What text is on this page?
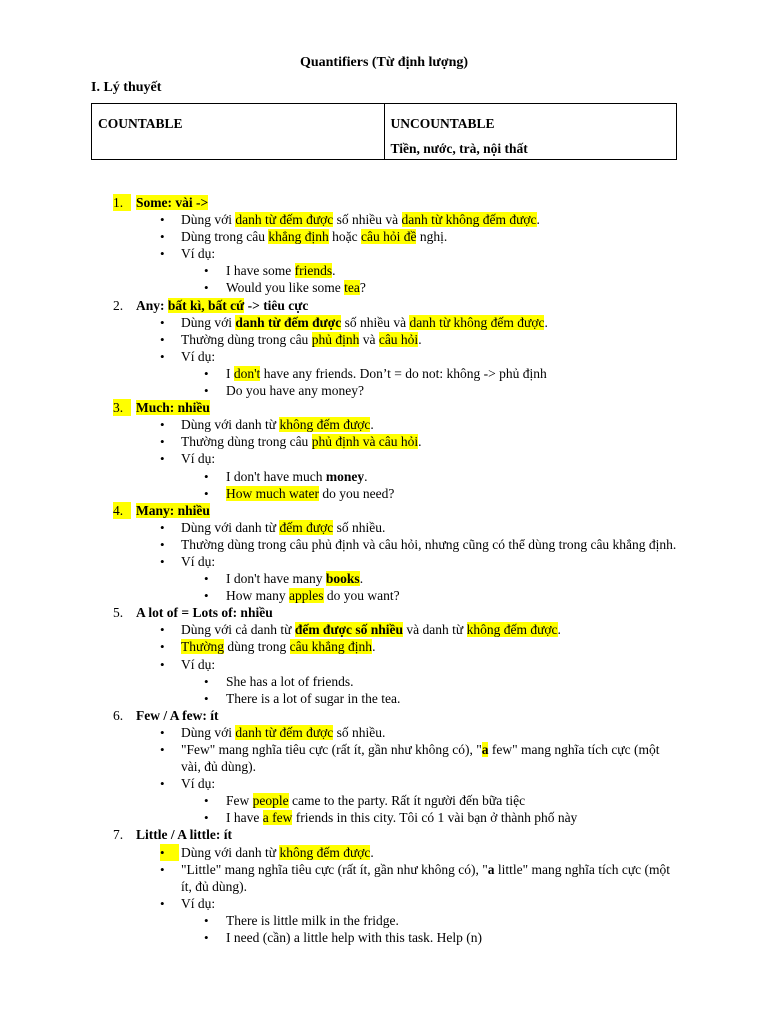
Quantifiers (Từ định lượng)
I. Lý thuyết
COUNTABLE	UNCOUNTABLE
Tiền, nước, trà, nội thất
1. Some: vài ->
• Dùng với danh từ đếm được số nhiều và danh từ không đếm được.
• Dùng trong câu khẳng định hoặc câu hỏi đề nghị.
• Ví dụ:
• I have some friends.
• Would you like some tea?
2. Any: bất kì, bất cứ -> tiêu cực
• Dùng với danh từ đếm được số nhiều và danh từ không đếm được.
• Thường dùng trong câu phủ định và câu hỏi.
• Ví dụ:
• I don't have any friends. Don’t = do not: không -> phủ định
• Do you have any money?
3. Much: nhiều
• Dùng với danh từ không đếm được.
• Thường dùng trong câu phủ định và câu hỏi.
• Ví dụ:
• I don't have much money.
• How much water do you need?
4. Many: nhiều
• Dùng với danh từ đếm được số nhiều.
• Thường dùng trong câu phủ định và câu hỏi, nhưng cũng có thể dùng trong câu khẳng định.
• Ví dụ:
• I don't have many books.
• How many apples do you want?
5. A lot of = Lots of: nhiều
• Dùng với cả danh từ đếm được số nhiều và danh từ không đếm được.
• Thường dùng trong câu khẳng định.
• Ví dụ:
• She has a lot of friends.
• There is a lot of sugar in the tea.
6. Few / A few: ít
• Dùng với danh từ đếm được số nhiều.
• "Few" mang nghĩa tiêu cực (rất ít, gần như không có), "a few" mang nghĩa tích cực (một vài, đủ dùng).
• Ví dụ:
• Few people came to the party. Rất ít người đến bữa tiệc
• I have a few friends in this city. Tôi có 1 vài bạn ở thành phố này
7. Little / A little: ít
•	Dùng với danh từ không đếm được.
• "Little" mang nghĩa tiêu cực (rất ít, gần như không có), "a little" mang nghĩa tích cực (một ít, đủ dùng).
• Ví dụ:
• There is little milk in the fridge.
• I need (cần) a little help with this task. Help (n)
